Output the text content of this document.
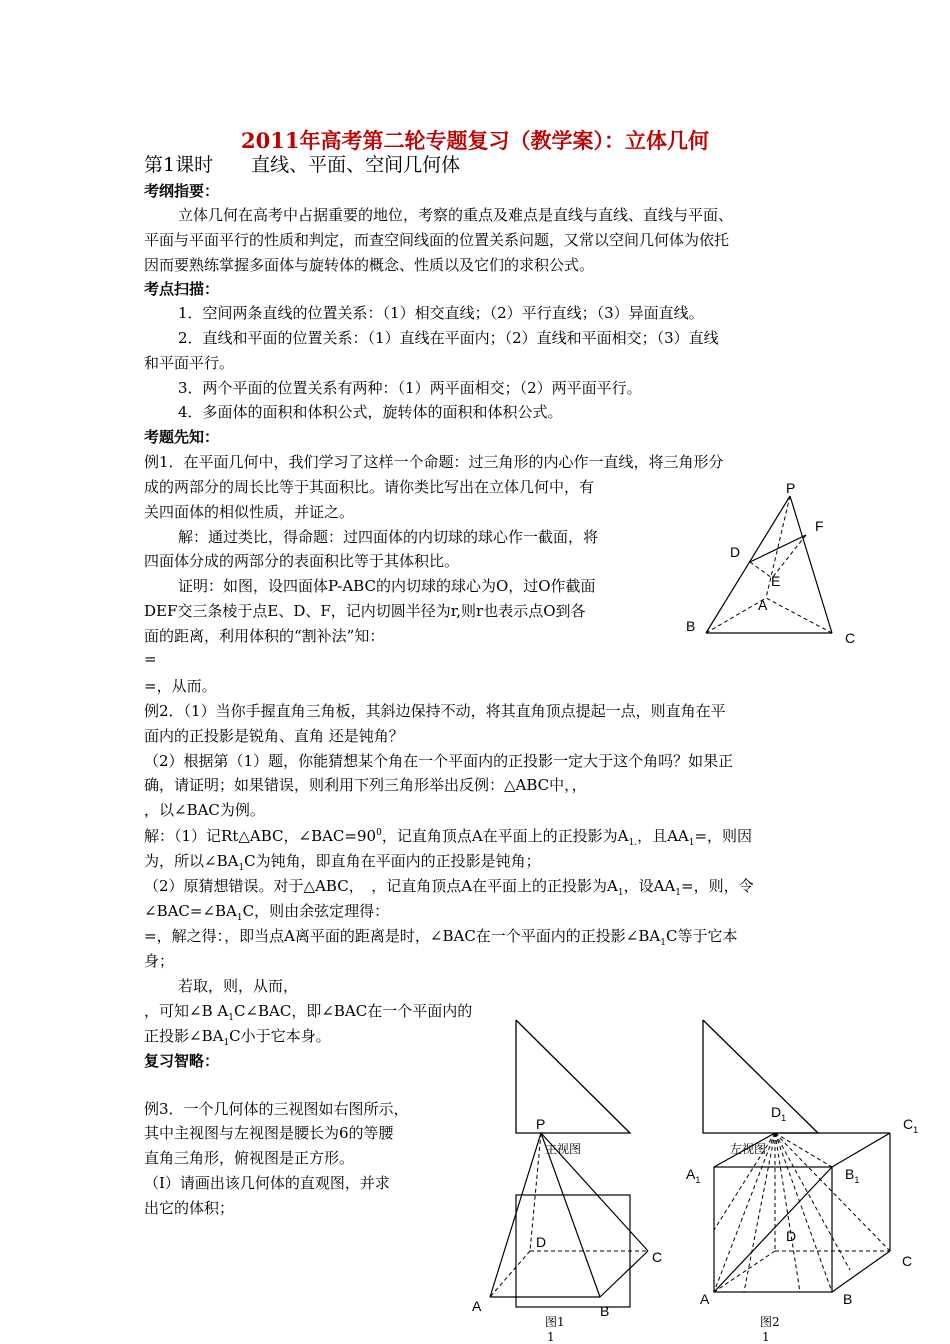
2011年高考第二轮专题复习（教学案）：立体几何
第1课时　　直线、平面、空间几何体
考纲指要：
立体几何在高考中占据重要的地位，考察的重点及难点是直线与直线、直线与平面、
平面与平面平行的性质和判定，而查空间线面的位置关系问题，又常以空间几何体为依托
因而要熟练掌握多面体与旋转体的概念、性质以及它们的求积公式。
考点扫描：
1．空间两条直线的位置关系：（1）相交直线；（2）平行直线；（3）异面直线。
2．直线和平面的位置关系：（1）直线在平面内；（2）直线和平面相交；（3）直线
和平面平行。
3．两个平面的位置关系有两种：（1）两平面相交；（2）两平面平行。
4．多面体的面积和体积公式，旋转体的面积和体积公式。
考题先知：
例1．在平面几何中，我们学习了这样一个命题：过三角形的内心作一直线，将三角形分
成的两部分的周长比等于其面积比。请你类比写出在立体几何中，有
关四面体的相似性质，并证之。
解：通过类比，得命题：过四面体的内切球的球心作一截面，将
四面体分成的两部分的表面积比等于其体积比。
证明：如图，设四面体P-ABC的内切球的球心为O，过O作截面
DEF交三条棱于点E、D、F，记内切圆半径为r,则r也表示点O到各
面的距离，利用体积的“割补法”知：
=
=，从而。
P
F
D
E
A
B
C
例2．（1）当你手握直角三角板，其斜边保持不动，将其直角顶点提起一点，则直角在平
面内的正投影是锐角、直角 还是钝角？
（2）根据第（1）题，你能猜想某个角在一个平面内的正投影一定大于这个角吗？如果正
确，请证明；如果错误，则利用下列三角形举出反例：△ABC中，，
，以∠BAC为例。
解：（1）记Rt△ABC，$\angle BAC=90^0$，记直角顶点A在平面上的正投影为$A_{1.}$，且$AA_1=$，则因
为，所以$\angle BA_1C$为钝角，即直角在平面内的正投影是钝角；
（2）原猜想错误。对于△ABC，　，记直角顶点A在平面上的正投影为$A_1$，设$AA_1=$，则，令
$\angle BAC=\angle BA_1C$，则由余弦定理得：
=，解之得：，即当点A离平面的距离是时，∠BAC在一个平面内的正投影$\angle BA_1C$等于它本
身；
若取，则，从而，
，可知∠B $A_1C\angle BAC$，即∠BAC在一个平面内的
正投影$\angle BA_1C$小于它本身。
复习智略：
例3．一个几何体的三视图如右图所示，
其中主视图与左视图是腰长为6的等腰
直角三角形，俯视图是正方形。
（Ⅰ）请画出该几何体的直观图，并求
出它的体积；
主视图	左视图
P
D
C
A	B
图1
1
$D_1$	$C_1$
$A_1$	$B_1$
D
C
A	B
图2
1
